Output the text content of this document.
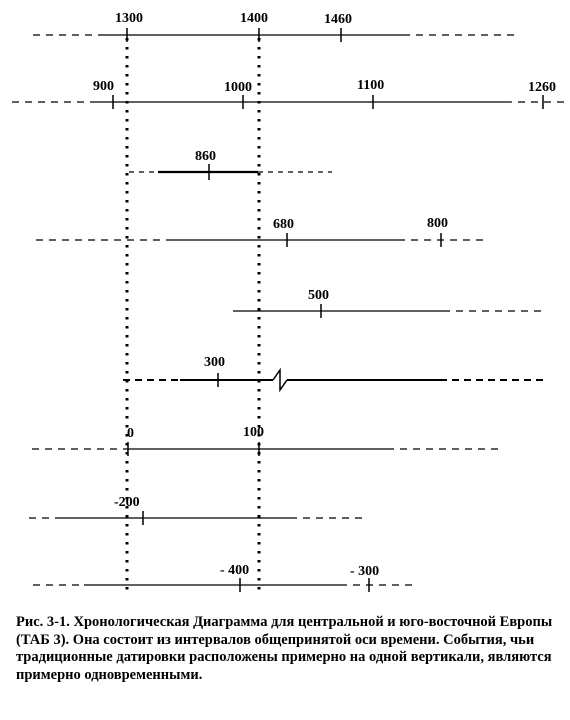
1300	1400	1460
900	1000	1100	1260
860
680	800
500
300
0	100
-200
- 400	- 300

Рис. 3-1. Хронологическая Диаграмма для центральной и юго-восточной Европы (ТАБ 3). Она состоит из интервалов общепринятой оси времени. События, чьи традиционные датировки расположены примерно на одной вертикали, являются примерно одновременными.
